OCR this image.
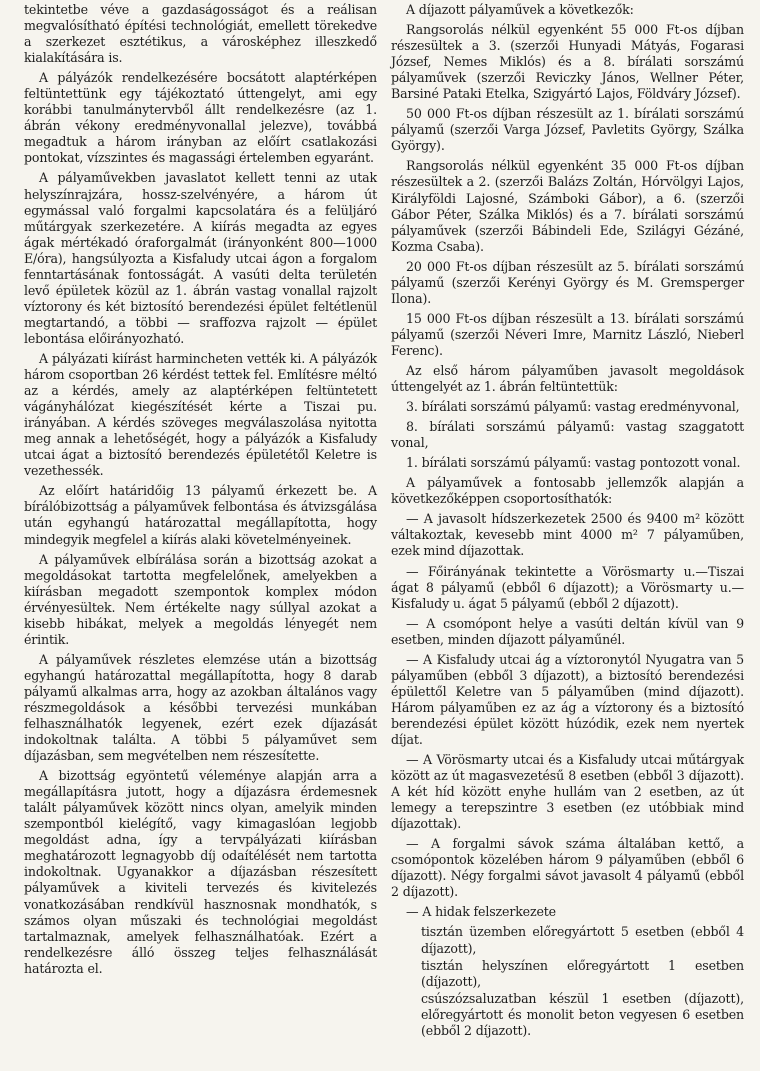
tekintetbe véve a gazdaságosságot és a reálisan megvalósítható építési technológiát, emellett törekedve a szerkezet esztétikus, a városképhez illeszkedő kialakítására is.

A pályázók rendelkezésére bocsátott alaptérképen feltüntettünk egy tájékoztató úttengelyt, ami egy korábbi tanulmánytervből állt rendelkezésre (az 1. ábrán vékony eredményvonallal jelezve), továbbá megadtuk a három irányban az előírt csatlakozási pontokat, vízszintes és magassági értelemben egyaránt.

A pályaművekben javaslatot kellett tenni az utak helyszínrajzára, hossz-szelvényére, a három út egymással való forgalmi kapcsolatára és a felüljáró műtárgyak szerkezetére. A kiírás megadta az egyes ágak mértékadó óraforgalmát (irányonként 800—1000 E/óra), hangsúlyozta a Kisfaludy utcai ágon a forgalom fenntartásának fontosságát. A vasúti delta területén levő épületek közül az 1. ábrán vastag vonallal rajzolt víztorony és két biztosító berendezési épület feltétlenül megtartandó, a többi — sraffozva rajzolt — épület lebontása előirányozható.

A pályázati kiírást harmincheten vették ki. A pályázók három csoportban 26 kérdést tettek fel. Említésre méltó az a kérdés, amely az alaptérképen feltüntetett vágányhálózat kiegészítését kérte a Tiszai pu. irányában. A kérdés szöveges megválaszolása nyitotta meg annak a lehetőségét, hogy a pályázók a Kisfaludy utcai ágat a biztosító berendezés épületétől Keletre is vezethessék.

Az előírt határidőig 13 pályamű érkezett be. A bírálóbizottság a pályaművek felbontása és átvizsgálása után egyhangú határozattal megállapította, hogy mindegyik megfelel a kiírás alaki követelményeinek.

A pályaművek elbírálása során a bizottság azokat a megoldásokat tartotta megfelelőnek, amelyekben a kiírásban megadott szempontok komplex módon érvényesültek. Nem értékelte nagy súllyal azokat a kisebb hibákat, melyek a megoldás lényegét nem érintik.

A pályaművek részletes elemzése után a bizottság egyhangú határozattal megállapította, hogy 8 darab pályamű alkalmas arra, hogy az azokban általános vagy részmegoldások a későbbi tervezési munkában felhasználhatók legyenek, ezért ezek díjazását indokoltnak találta. A többi 5 pályaművet sem díjazásban, sem megvételben nem részesítette.

A bizottság egyöntetű véleménye alapján arra a megállapításra jutott, hogy a díjazásra érdemesnek talált pályaművek között nincs olyan, amelyik minden szempontból kielégítő, vagy kimagaslóan legjobb megoldást adna, így a tervpályázati kiírásban meghatározott legnagyobb díj odaítélését nem tartotta indokoltnak. Ugyanakkor a díjazásban részesített pályaművek a kiviteli tervezés és kivitelezés vonatkozásában rendkívül hasznosnak mondhatók, s számos olyan műszaki és technológiai megoldást tartalmaznak, amelyek felhasználhatóak. Ezért a rendelkezésre álló összeg teljes felhasználását határozta el.

A díjazott pályaművek a következők:

Rangsorolás nélkül egyenként 55 000 Ft-os díjban részesültek a 3. (szerzői Hunyadi Mátyás, Fogarasi József, Nemes Miklós) és a 8. bírálati sorszámú pályaművek (szerzői Reviczky János, Wellner Péter, Barsiné Pataki Etelka, Szigyártó Lajos, Földváry József).

50 000 Ft-os díjban részesült az 1. bírálati sorszámú pályamű (szerzői Varga József, Pavletits György, Szálka György).

Rangsorolás nélkül egyenként 35 000 Ft-os díjban részesültek a 2. (szerzői Balázs Zoltán, Hórvölgyi Lajos, Királyföldi Lajosné, Számboki Gábor), a 6. (szerzői Gábor Péter, Szálka Miklós) és a 7. bírálati sorszámú pályaművek (szerzői Bábindeli Ede, Szilágyi Gézáné, Kozma Csaba).

20 000 Ft-os díjban részesült az 5. bírálati sorszámú pályamű (szerzői Kerényi György és M. Gremsperger Ilona).

15 000 Ft-os díjban részesült a 13. bírálati sorszámú pályamű (szerzői Néveri Imre, Marnitz László, Nieberl Ferenc).

Az első három pályaműben javasolt megoldások úttengelyét az 1. ábrán feltüntettük:

3. bírálati sorszámú pályamű: vastag eredményvonal,

8. bírálati sorszámú pályamű: vastag szaggatott vonal,

1. bírálati sorszámú pályamű: vastag pontozott vonal.

A pályaművek a fontosabb jellemzők alapján a következőképpen csoportosíthatók:

— A javasolt hídszerkezetek 2500 és 9400 m² között váltakoztak, kevesebb mint 4000 m² 7 pályaműben, ezek mind díjazottak.

— Főirányának tekintette a Vörösmarty u.—Tiszai ágat 8 pályamű (ebből 6 díjazott); a Vörösmarty u.—Kisfaludy u. ágat 5 pályamű (ebből 2 díjazott).

— A csomópont helye a vasúti deltán kívül van 9 esetben, minden díjazott pályaműnél.

— A Kisfaludy utcai ág a víztoronytól Nyugatra van 5 pályaműben (ebből 3 díjazott), a biztosító berendezési épülettől Keletre van 5 pályaműben (mind díjazott). Három pályaműben ez az ág a víztorony és a biztosító berendezési épület között húzódik, ezek nem nyertek díjat.

— A Vörösmarty utcai és a Kisfaludy utcai műtárgyak között az út magasvezetésű 8 esetben (ebből 3 díjazott). A két híd között enyhe hullám van 2 esetben, az út lemegy a terepszintre 3 esetben (ez utóbbiak mind díjazottak).

— A forgalmi sávok száma általában kettő, a csomópontok közelében három 9 pályaműben (ebből 6 díjazott). Négy forgalmi sávot javasolt 4 pályamű (ebből 2 díjazott).

— A hidak felszerkezete

tisztán üzemben előregyártott 5 esetben (ebből 4 díjazott),

tisztán helyszínen előregyártott 1 esetben (díjazott),

csúszózsaluzatban készül 1 esetben (díjazott), előregyártott és monolit beton vegyesen 6 esetben (ebből 2 díjazott).
